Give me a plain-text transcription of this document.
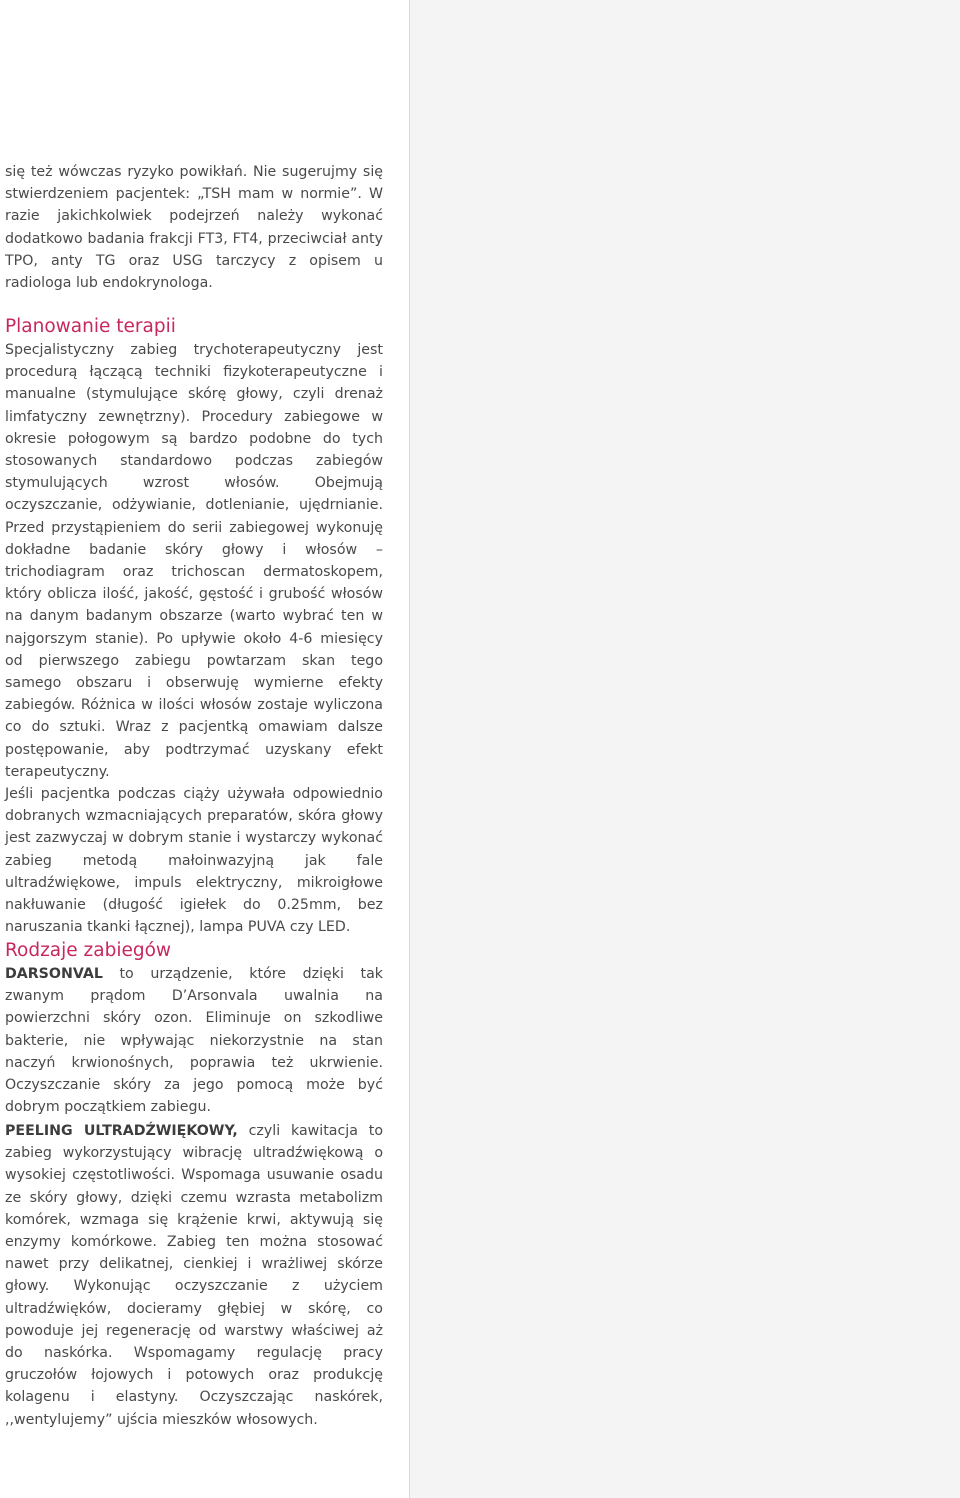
się też wówczas ryzyko powikłań. Nie sugerujmy się stwierdzeniem pacjentek: „TSH mam w normie”. W razie jakichkolwiek podejrzeń należy wykonać dodatkowo badania frakcji FT3, FT4, przeciwciał anty TPO, anty TG oraz USG tarczycy z opisem u radiologa lub endokrynologa.

Planowanie terapii

Specjalistyczny zabieg trychoterapeutyczny jest procedurą łączącą techniki fizykoterapeutyczne i manualne (stymulujące skórę głowy, czyli drenaż limfatyczny zewnętrzny). Procedury zabiegowe w okresie połogowym są bardzo podobne do tych stosowanych standardowo podczas zabiegów stymulujących wzrost włosów. Obejmują oczyszczanie, odżywianie, dotlenianie, ujędrnianie. Przed przystąpieniem do serii zabiegowej wykonuję dokładne badanie skóry głowy i włosów – trichodiagram oraz trichoscan dermatoskopem, który oblicza ilość, jakość, gęstość i grubość włosów na danym badanym obszarze (warto wybrać ten w najgorszym stanie). Po upływie około 4-6 miesięcy od pierwszego zabiegu powtarzam skan tego samego obszaru i obserwuję wymierne efekty zabiegów. Różnica w ilości włosów zostaje wyliczona co do sztuki. Wraz z pacjentką omawiam dalsze postępowanie, aby podtrzymać uzyskany efekt terapeutyczny.

Jeśli pacjentka podczas ciąży używała odpowiednio dobranych wzmacniających preparatów, skóra głowy jest zazwyczaj w dobrym stanie i wystarczy wykonać zabieg metodą małoinwazyjną jak fale ultradźwiękowe, impuls elektryczny, mikroigłowe nakłuwanie (długość igiełek do 0.25mm, bez naruszania tkanki łącznej), lampa PUVA czy LED.

Rodzaje zabiegów

DARSONVAL to urządzenie, które dzięki tak zwanym prądom D’Arsonvala uwalnia na powierzchni skóry ozon. Eliminuje on szkodliwe bakterie, nie wpływając niekorzystnie na stan naczyń krwionośnych, poprawia też ukrwienie. Oczyszczanie skóry za jego pomocą może być dobrym początkiem zabiegu.

PEELING ULTRADŹWIĘKOWY, czyli kawitacja to zabieg wykorzystujący wibrację ultradźwiękową o wysokiej częstotliwości. Wspomaga usuwanie osadu ze skóry głowy, dzięki czemu wzrasta metabolizm komórek, wzmaga się krążenie krwi, aktywują się enzymy komórkowe. Zabieg ten można stosować nawet przy delikatnej, cienkiej i wrażliwej skórze głowy. Wykonując oczyszczanie z użyciem ultradźwięków, docieramy głębiej w skórę, co powoduje jej regenerację od warstwy właściwej aż do naskórka. Wspomagamy regulację pracy gruczołów łojowych i potowych oraz produkcję kolagenu i elastyny. Oczyszczając naskórek, ,,wentylujemy” ujścia mieszków włosowych.
